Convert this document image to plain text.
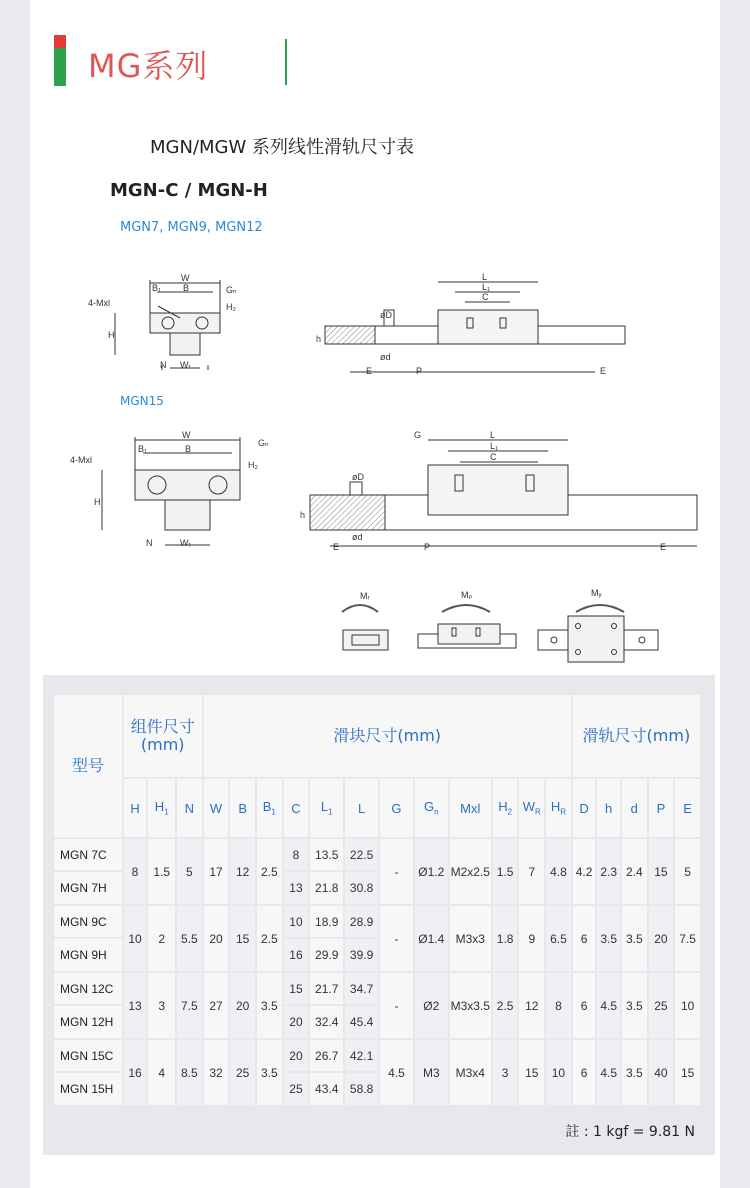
MG系列
MGN/MGW 系列线性滑轨尺寸表
MGN-C / MGN-H
MGN7, MGN9, MGN12
MGN15
W
B
B₁	Gₙ
4-Mxl
H
H₂
N Wᵣ
L
L₁
C
øD
ød
E	P	E
h
W
B
B₁
Gₙ
4-Mxl
H
H₂
N	Wᵣ
G	L
L₁
C
øD
ød
E	P	E
h
Mᵣ	Mₚ	Mᵧ
型号	组件尺寸
(mm)			滑块尺寸(mm)												滑轨尺寸(mm)				
	H	$H_1$	N	W	B	$B_1$	C	$L_1$	L	G	$G_n$	Mxl	$H_2$	$W_R$	$H_R$	D	h	d	P	E
MGN 7C	8	1.5	5	17	12	2.5	8	13.5	22.5	-	Ø1.2	M2x2.5	1.5	7	4.8	4.2	2.3	2.4	15	5
MGN 7H							13	21.8	30.8											
MGN 9C	10	2	5.5	20	15	2.5	10	18.9	28.9	-	Ø1.4	M3x3	1.8	9	6.5	6	3.5	3.5	20	7.5
MGN 9H							16	29.9	39.9											
MGN 12C	13	3	7.5	27	20	3.5	15	21.7	34.7	-	Ø2	M3x3.5	2.5	12	8	6	4.5	3.5	25	10
MGN 12H							20	32.4	45.4											
MGN 15C	16	4	8.5	32	25	3.5	20	26.7	42.1	4.5	M3	M3x4	3	15	10	6	4.5	3.5	40	15
MGN 15H							25	43.4	58.8											
註 : 1 kgf = 9.81 N
